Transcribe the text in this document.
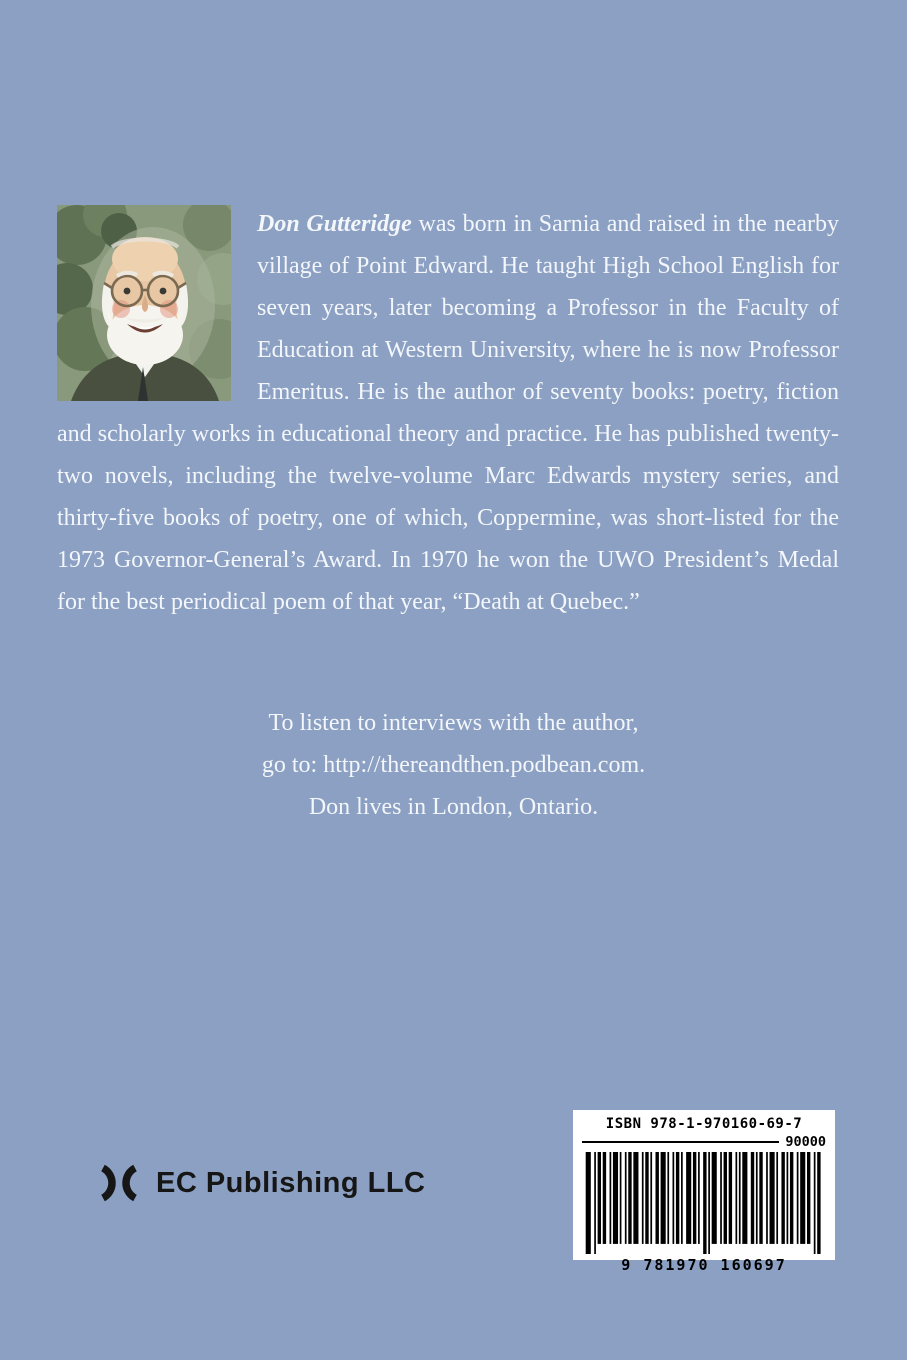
Don Gutteridge was born in Sarnia and raised in the nearby village of Point Edward. He taught High School English for seven years, later becoming a Professor in the Faculty of Education at Western University, where he is now Professor Emeritus. He is the author of seventy books: poetry, fiction and scholarly works in educational theory and practice. He has published twenty-two novels, including the twelve-volume Marc Edwards mystery series, and thirty-five books of poetry, one of which, Coppermine, was short-listed for the 1973 Governor-General’s Award. In 1970 he won the UWO President’s Medal for the best periodical poem of that year, “Death at Quebec.”

To listen to interviews with the author,

go to: http://thereandthen.podbean.com.

Don lives in London, Ontario.

EC Publishing LLC
ISBN 978-1-970160-69-7
90000
9 781970 160697
